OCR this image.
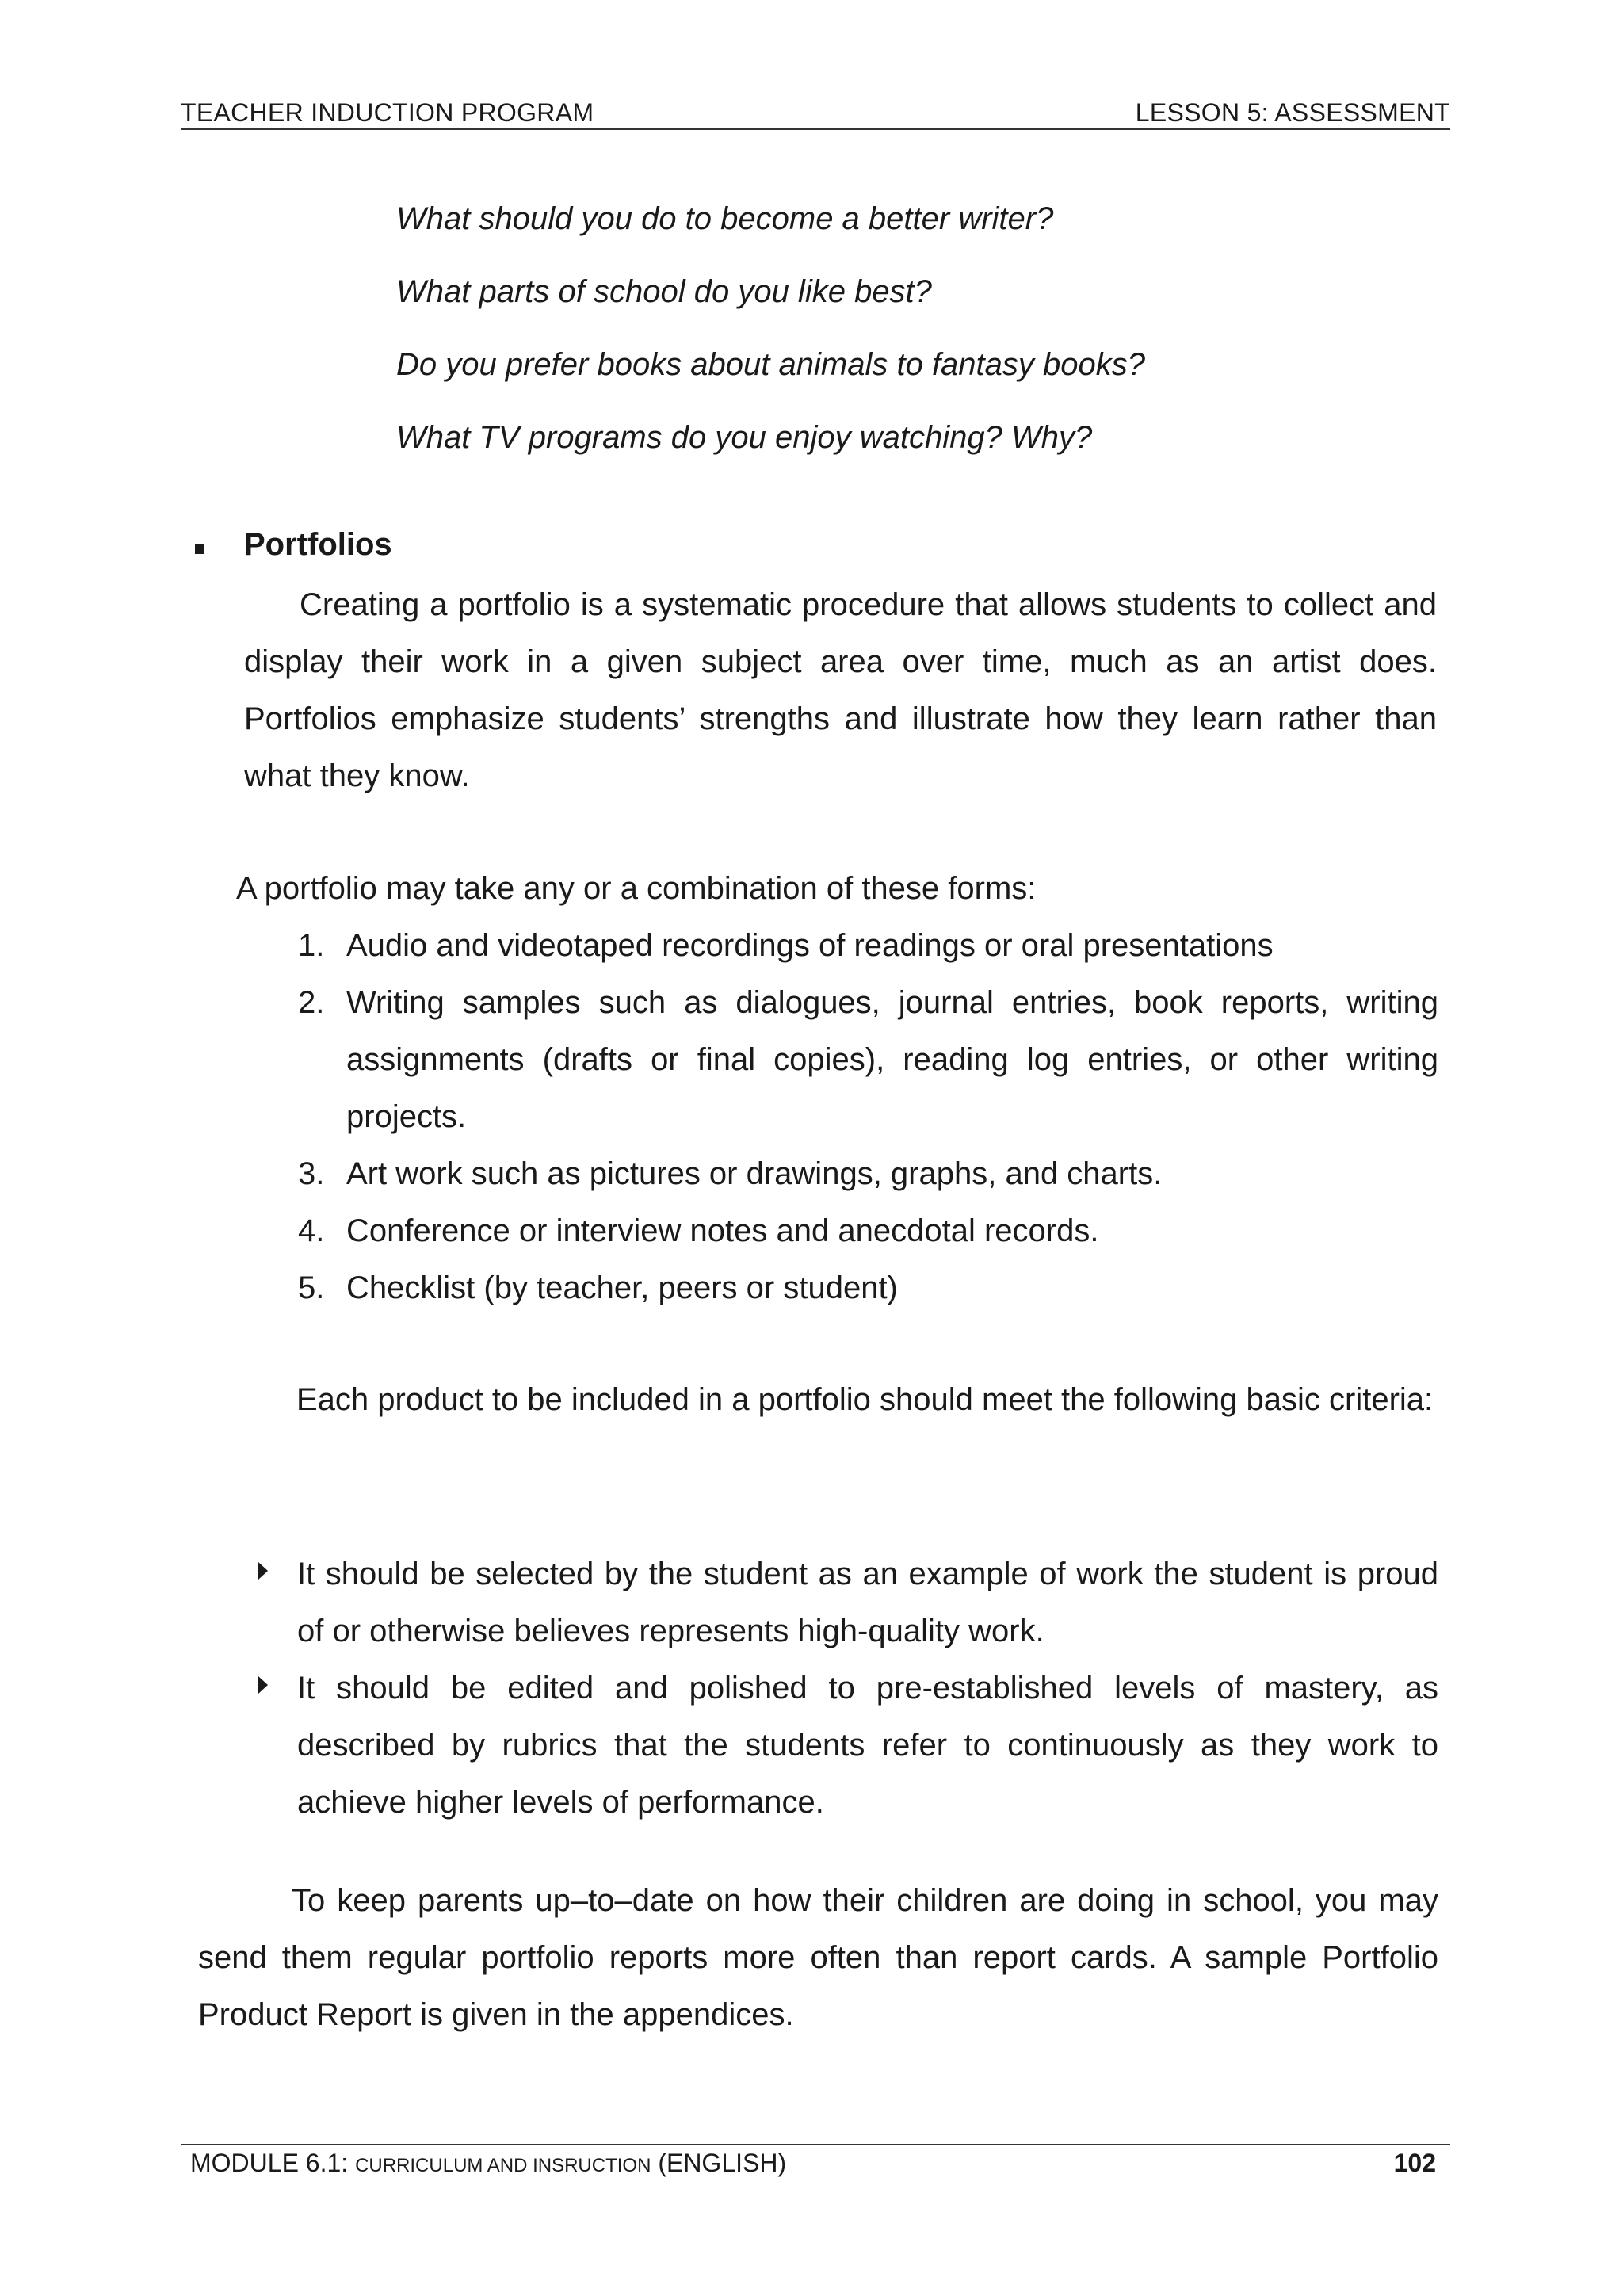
TEACHER INDUCTION PROGRAM	LESSON 5: ASSESSMENT
What should you do to become a better writer?
What parts of school do you like best?
Do you prefer books about animals to fantasy books?
What TV programs do you enjoy watching? Why?
Portfolios
Creating a portfolio is a systematic procedure that allows students to collect and display their work in a given subject area over time, much as an artist does. Portfolios emphasize students’ strengths and illustrate how they learn rather than what they know.
A portfolio may take any or a combination of these forms:
1. Audio and videotaped recordings of readings or oral presentations
2. Writing samples such as dialogues, journal entries, book reports, writing assignments (drafts or final copies), reading log entries, or other writing projects.
3. Art work such as pictures or drawings, graphs, and charts.
4. Conference or interview notes and anecdotal records.
5. Checklist (by teacher, peers or student)
Each product to be included in a portfolio should meet the following basic criteria:
It should be selected by the student as an example of work the student is proud of or otherwise believes represents high-quality work.
It should be edited and polished to pre-established levels of mastery, as described by rubrics that the students refer to continuously as they work to achieve higher levels of performance.
To keep parents up–to–date on how their children are doing in school, you may send them regular portfolio reports more often than report cards. A sample Portfolio Product Report is given in the appendices.
MODULE 6.1: CURRICULUM AND INSRUCTION (ENGLISH)	102
